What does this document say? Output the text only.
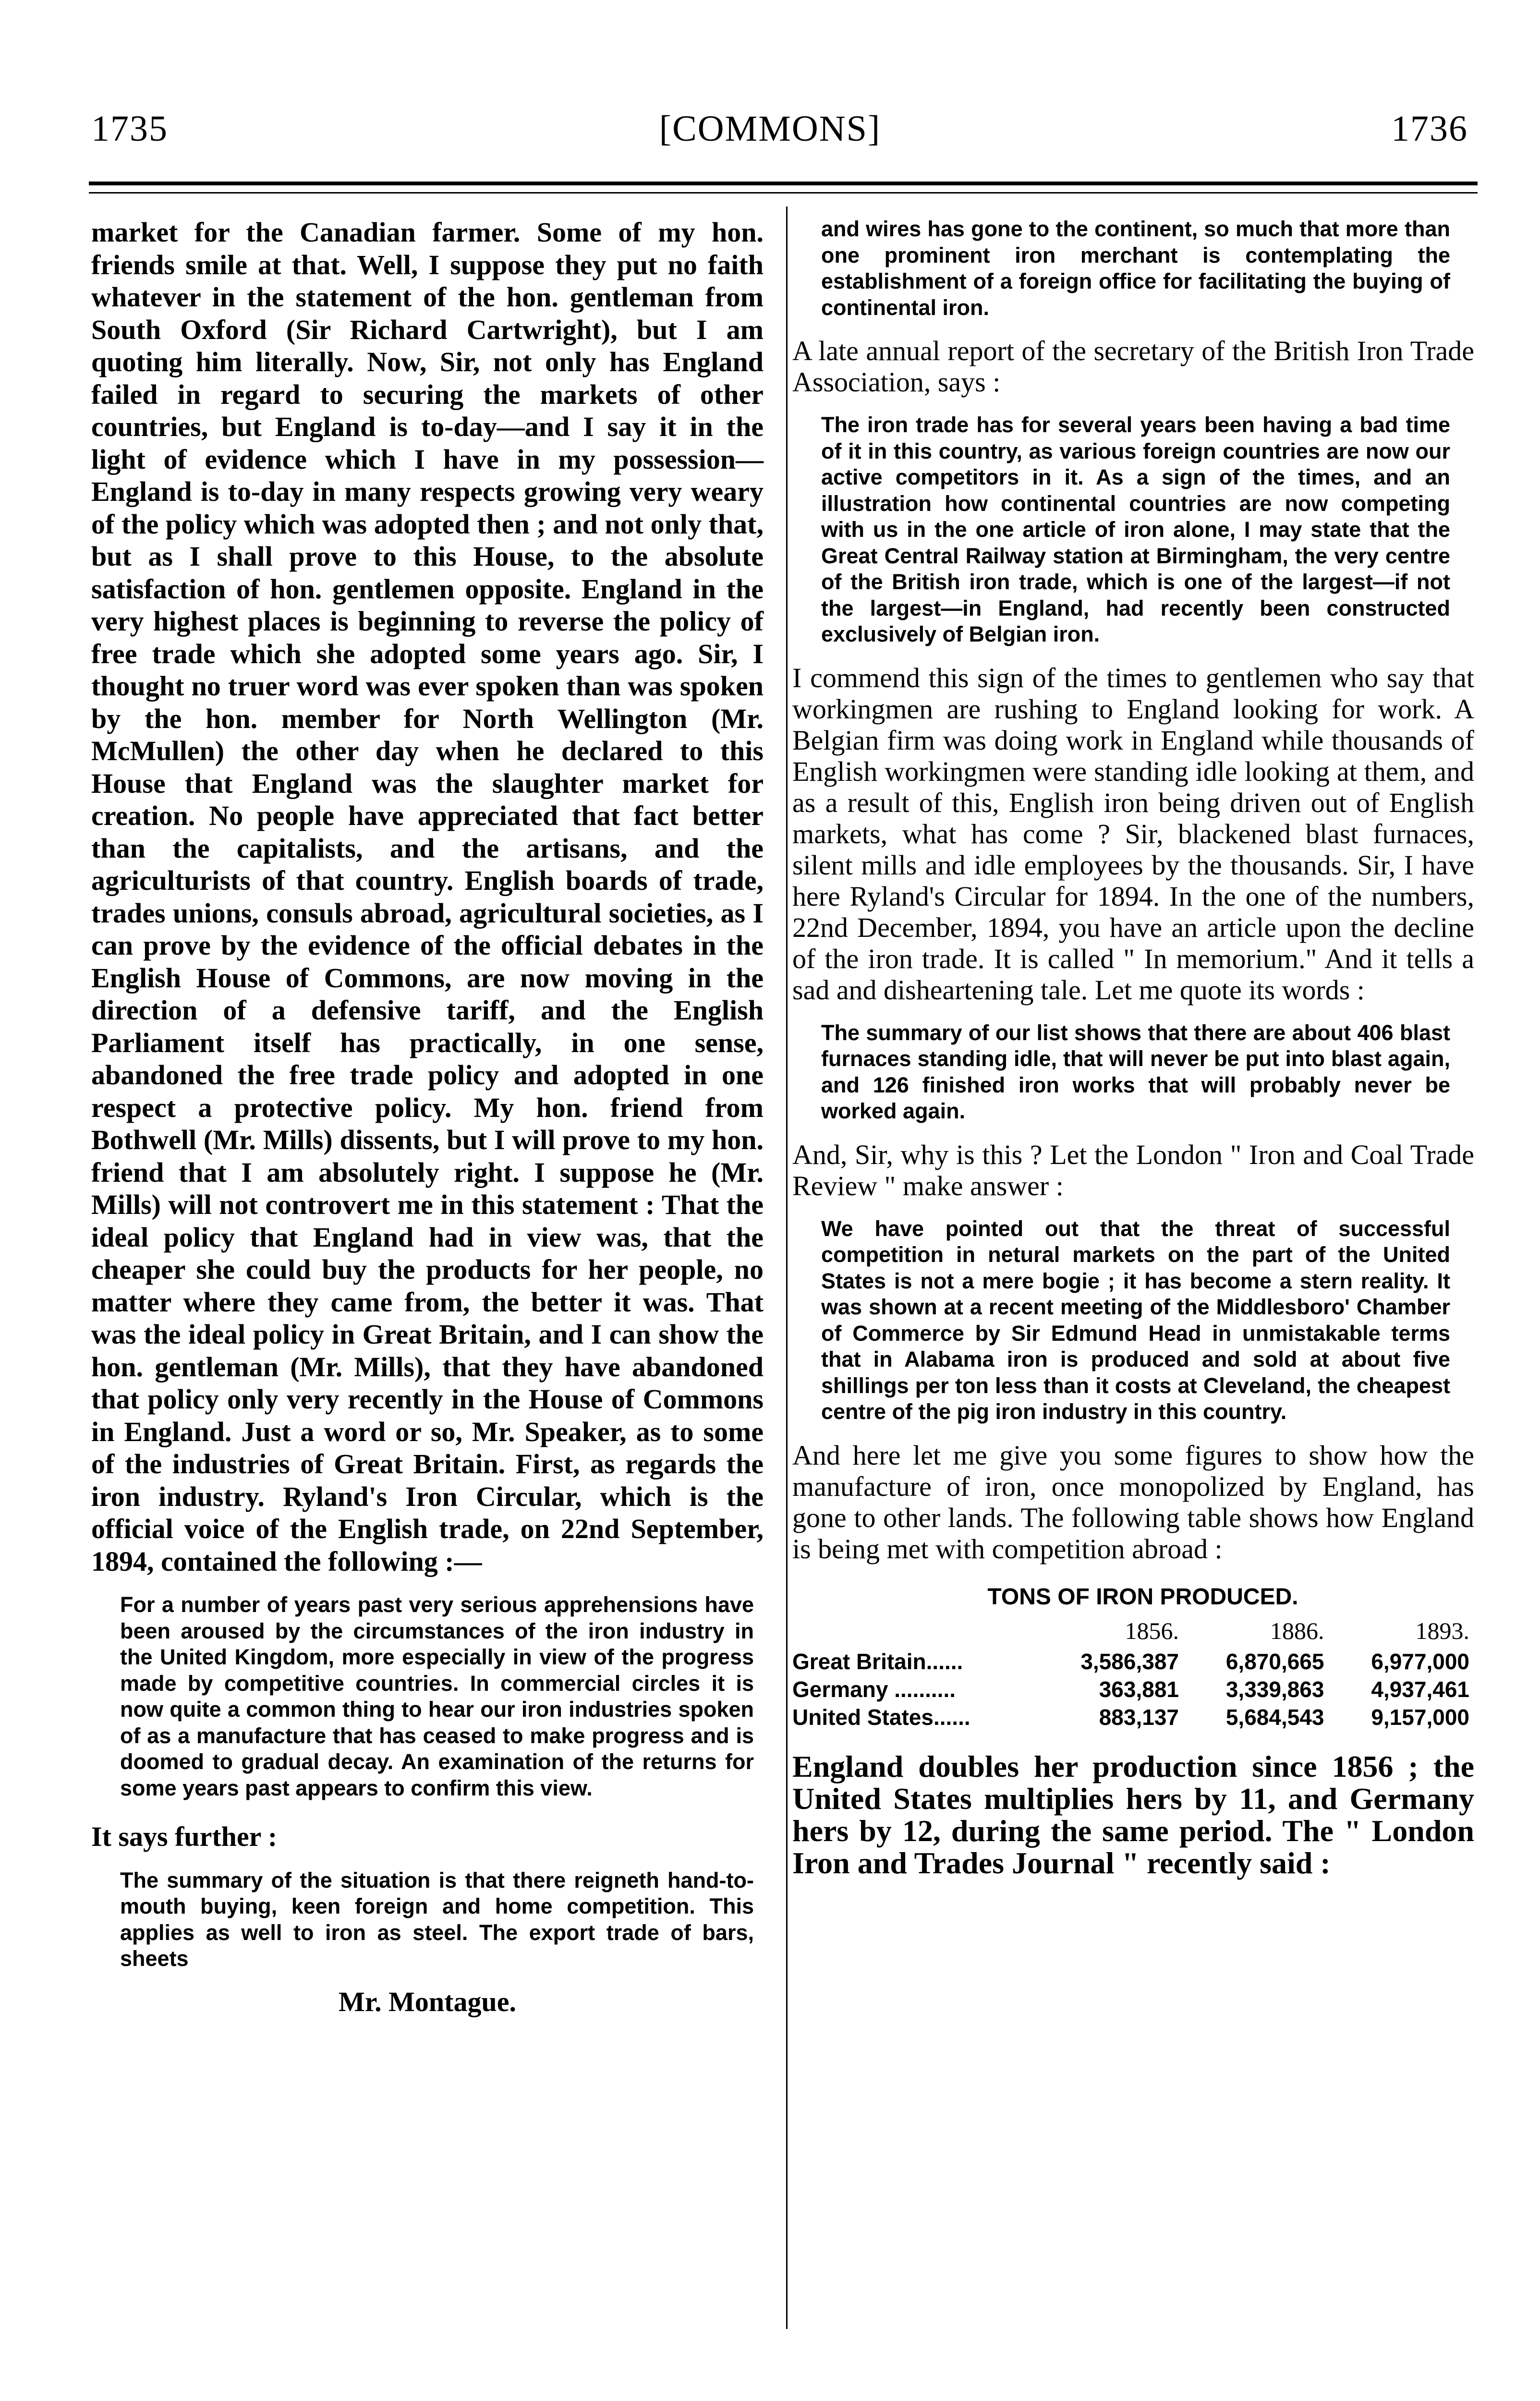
1735	[COMMONS]	1736

market for the Canadian farmer. Some of my hon. friends smile at that. Well, I suppose they put no faith whatever in the statement of the hon. gentleman from South Oxford (Sir Richard Cartwright), but I am quoting him literally. Now, Sir, not only has England failed in regard to securing the markets of other countries, but England is to-day—and I say it in the light of evidence which I have in my possession—England is to-day in many respects growing very weary of the policy which was adopted then ; and not only that, but as I shall prove to this House, to the absolute satisfaction of hon. gentlemen opposite. England in the very highest places is beginning to reverse the policy of free trade which she adopted some years ago. Sir, I thought no truer word was ever spoken than was spoken by the hon. member for North Wellington (Mr. McMullen) the other day when he declared to this House that England was the slaughter market for creation. No people have appreciated that fact better than the capitalists, and the artisans, and the agriculturists of that country. English boards of trade, trades unions, consuls abroad, agricultural societies, as I can prove by the evidence of the official debates in the English House of Commons, are now moving in the direction of a defensive tariff, and the English Parliament itself has practically, in one sense, abandoned the free trade policy and adopted in one respect a protective policy. My hon. friend from Bothwell (Mr. Mills) dissents, but I will prove to my hon. friend that I am absolutely right. I suppose he (Mr. Mills) will not controvert me in this statement : That the ideal policy that England had in view was, that the cheaper she could buy the products for her people, no matter where they came from, the better it was. That was the ideal policy in Great Britain, and I can show the hon. gentleman (Mr. Mills), that they have abandoned that policy only very recently in the House of Commons in England. Just a word or so, Mr. Speaker, as to some of the industries of Great Britain. First, as regards the iron industry. Ryland's Iron Circular, which is the official voice of the English trade, on 22nd September, 1894, contained the following :—

For a number of years past very serious apprehensions have been aroused by the circumstances of the iron industry in the United Kingdom, more especially in view of the progress made by competitive countries. In commercial circles it is now quite a common thing to hear our iron industries spoken of as a manufacture that has ceased to make progress and is doomed to gradual decay. An examination of the returns for some years past appears to confirm this view.

It says further :

The summary of the situation is that there reigneth hand-to-mouth buying, keen foreign and home competition. This applies as well to iron as steel. The export trade of bars, sheets

Mr. Montague.

and wires has gone to the continent, so much that more than one prominent iron merchant is contemplating the establishment of a foreign office for facilitating the buying of continental iron.

A late annual report of the secretary of the British Iron Trade Association, says :

The iron trade has for several years been having a bad time of it in this country, as various foreign countries are now our active competitors in it. As a sign of the times, and an illustration how continental countries are now competing with us in the one article of iron alone, I may state that the Great Central Railway station at Birmingham, the very centre of the British iron trade, which is one of the largest—if not the largest—in England, had recently been constructed exclusively of Belgian iron.

I commend this sign of the times to gentlemen who say that workingmen are rushing to England looking for work. A Belgian firm was doing work in England while thousands of English workingmen were standing idle looking at them, and as a result of this, English iron being driven out of English markets, what has come ? Sir, blackened blast furnaces, silent mills and idle employees by the thousands. Sir, I have here Ryland's Circular for 1894. In the one of the numbers, 22nd December, 1894, you have an article upon the decline of the iron trade. It is called " In memorium." And it tells a sad and disheartening tale. Let me quote its words :

The summary of our list shows that there are about 406 blast furnaces standing idle, that will never be put into blast again, and 126 finished iron works that will probably never be worked again.

And, Sir, why is this ? Let the London " Iron and Coal Trade Review " make answer :

We have pointed out that the threat of successful competition in netural markets on the part of the United States is not a mere bogie ; it has become a stern reality. It was shown at a recent meeting of the Middlesboro' Chamber of Commerce by Sir Edmund Head in unmistakable terms that in Alabama iron is produced and sold at about five shillings per ton less than it costs at Cleveland, the cheapest centre of the pig iron industry in this country.

And here let me give you some figures to show how the manufacture of iron, once monopolized by England, has gone to other lands. The following table shows how England is being met with competition abroad :

TONS OF IRON PRODUCED.
	1856.	1886.	1893.
Great Britain......	3,586,387	6,870,665	6,977,000
Germany ..........	363,881	3,339,863	4,937,461
United States......	883,137	5,684,543	9,157,000

England doubles her production since 1856 ; the United States multiplies hers by 11, and Germany hers by 12, during the same period. The " London Iron and Trades Journal " recently said :
